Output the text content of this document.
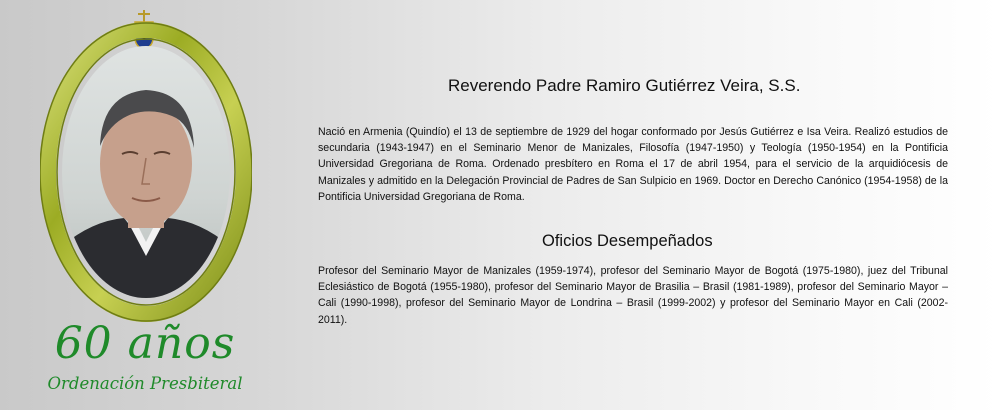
60 años
Ordenación Presbiteral
Reverendo Padre Ramiro Gutiérrez Veira, S.S.
Nació en Armenia (Quindío) el 13 de septiembre de 1929 del hogar conformado por Jesús Gutiérrez e Isa Veira. Realizó estudios de secundaria (1943-1947) en el Seminario Menor de Manizales, Filosofía (1947-1950) y Teología (1950-1954) en la Pontificia Universidad Gregoriana de Roma. Ordenado presbítero en Roma el 17 de abril 1954, para el servicio de la arquidiócesis de Manizales y admitido en la Delegación Provincial de Padres de San Sulpicio en 1969. Doctor en Derecho Canónico (1954-1958) de la Pontificia Universidad Gregoriana de Roma.
Oficios Desempeñados
Profesor del Seminario Mayor de Manizales (1959-1974), profesor del Seminario Mayor de Bogotá (1975-1980), juez del Tribunal Eclesiástico de Bogotá (1955-1980), profesor del Seminario Mayor de Brasilia – Brasil (1981-1989), profesor del Seminario Mayor – Cali (1990-1998), profesor del Seminario Mayor de Londrina – Brasil (1999-2002) y profesor del Seminario Mayor en Cali (2002-2011).
